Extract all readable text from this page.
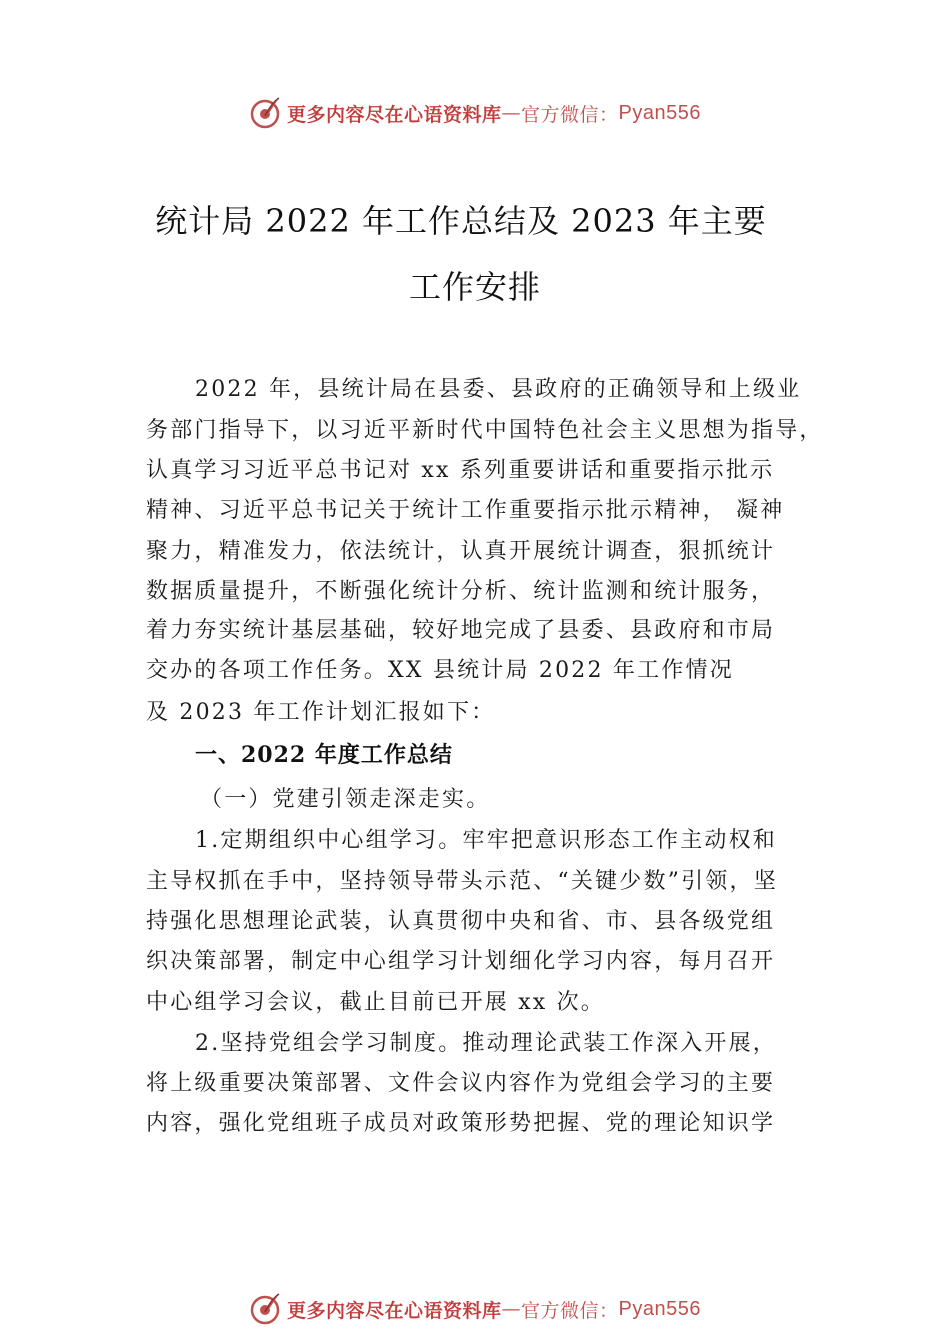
更多内容尽在心语资料库 — 官方微信： Pyan556
统计局 2022 年工作总结及 2023 年主要
工作安排
2022 年，县统计局在县委、县政府的正确领导和上级业
务部门指导下，以习近平新时代中国特色社会主义思想为指导，
认真学习习近平总书记对 xx 系列重要讲话和重要指示批示
精神、习近平总书记关于统计工作重要指示批示精神， 凝神
聚力，精准发力，依法统计，认真开展统计调查，狠抓统计
数据质量提升，不断强化统计分析、统计监测和统计服务，
着力夯实统计基层基础，较好地完成了县委、县政府和市局
交办的各项工作任务。XX 县统计局 2022 年工作情况
及 2023 年工作计划汇报如下：
一、2022 年度工作总结
（一）党建引领走深走实。
1.定期组织中心组学习。牢牢把意识形态工作主动权和
主导权抓在手中，坚持领导带头示范、“关键少数”引领，坚
持强化思想理论武装，认真贯彻中央和省、市、县各级党组
织决策部署，制定中心组学习计划细化学习内容，每月召开
中心组学习会议，截止目前已开展 xx 次。
2.坚持党组会学习制度。推动理论武装工作深入开展，
将上级重要决策部署、文件会议内容作为党组会学习的主要
内容，强化党组班子成员对政策形势把握、党的理论知识学
更多内容尽在心语资料库 — 官方微信： Pyan556
